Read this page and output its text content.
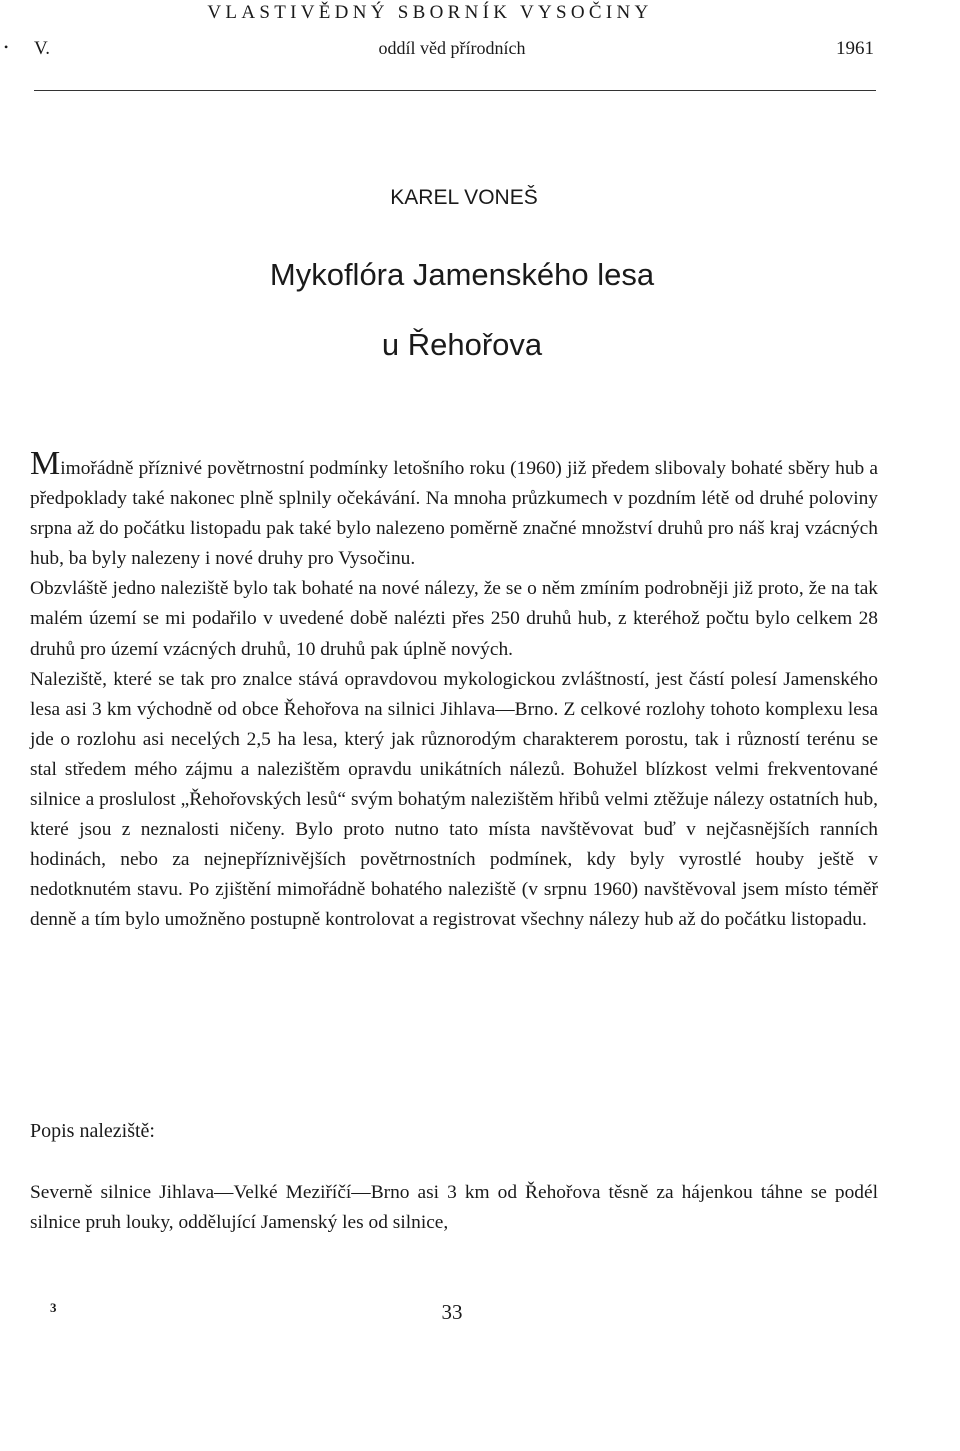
VLASTIVĚDNÝ SBORNÍK VYSOČINY
• V.	oddíl věd přírodních	1961
KAREL VONEŠ
Mykoflóra Jamenského lesa
u Řehořova

Mimořádně příznivé povětrnostní podmínky letošního roku (1960) již předem slibovaly bohaté sběry hub a předpoklady také nakonec plně splnily očekávání. Na mnoha průzkumech v pozdním létě od druhé poloviny srpna až do počátku listopadu pak také bylo nalezeno poměrně značné množství druhů pro náš kraj vzácných hub, ba byly nalezeny i nové druhy pro Vysočinu.

Obzvláště jedno naleziště bylo tak bohaté na nové nálezy, že se o něm zmíním podrobněji již proto, že na tak malém území se mi podařilo v uvedené době nalézti přes 250 druhů hub, z kteréhož počtu bylo celkem 28 druhů pro území vzácných druhů, 10 druhů pak úplně nových.

Naleziště, které se tak pro znalce stává opravdovou mykologickou zvláštností, jest částí polesí Jamenského lesa asi 3 km východně od obce Řehořova na silnici Jihlava—Brno. Z celkové rozlohy tohoto komplexu lesa jde o rozlohu asi necelých 2,5 ha lesa, který jak různorodým charakterem porostu, tak i růzností terénu se stal středem mého zájmu a nalezištěm opravdu unikátních nálezů. Bohužel blízkost velmi frekventované silnice a proslulost „Řehořovských lesů“ svým bohatým nalezištěm hřibů velmi ztěžuje nálezy ostatních hub, které jsou z neznalosti ničeny. Bylo proto nutno tato místa navštěvovat buď v nejčasnějších ranních hodinách, nebo za nejnepříznivějších povětrnostních podmínek, kdy byly vyrostlé houby ještě v nedotknutém stavu. Po zjištění mimořádně bohatého naleziště (v srpnu 1960) navštěvoval jsem místo téměř denně a tím bylo umožněno postupně kontrolovat a registrovat všechny nálezy hub až do počátku listopadu.

Popis naleziště:
Severně silnice Jihlava—Velké Meziříčí—Brno asi 3 km od Řehořova těsně za hájenkou táhne se podél silnice pruh louky, oddělující Jamenský les od silnice,
3	33
